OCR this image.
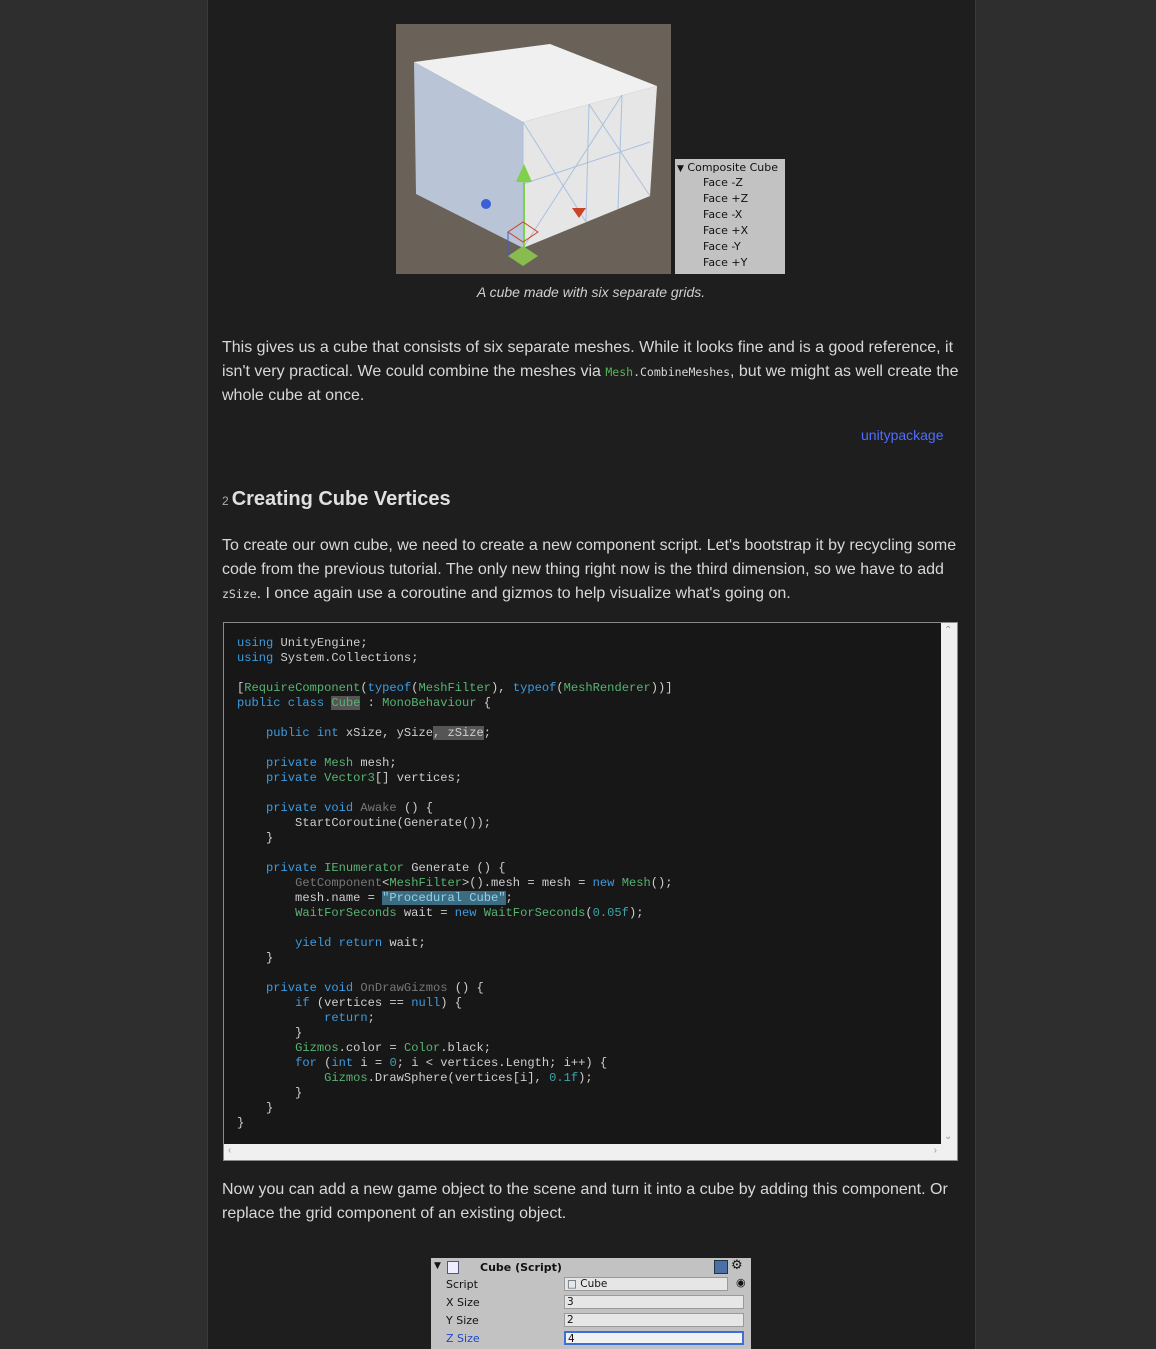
▼ Composite Cube
Face -Z
Face +Z
Face -X
Face +X
Face -Y
Face +Y
A cube made with six separate grids.
This gives us a cube that consists of six separate meshes. While it looks fine and is a good reference, it isn't very practical. We could combine the meshes via Mesh.CombineMeshes, but we might as well create the whole cube at once.
unitypackage
2 Creating Cube Vertices
To create our own cube, we need to create a new component script. Let's bootstrap it by recycling some code from the previous tutorial. The only new thing right now is the third dimension, so we have to add zSize. I once again use a coroutine and gizmos to help visualize what's going on.
using UnityEngine;
using System.Collections;

[RequireComponent(typeof(MeshFilter), typeof(MeshRenderer))]
public class Cube : MonoBehaviour {

public int xSize, ySize, zSize;

private Mesh mesh;
private Vector3[] vertices;

private void Awake () {
StartCoroutine(Generate());
}

private IEnumerator Generate () {
GetComponent<MeshFilter>().mesh = mesh = new Mesh();
mesh.name = "Procedural Cube";
WaitForSeconds wait = new WaitForSeconds(0.05f);

yield return wait;
}

private void OnDrawGizmos () {
if (vertices == null) {
return;
}
Gizmos.color = Color.black;
for (int i = 0; i < vertices.Length; i++) {
Gizmos.DrawSphere(vertices[i], 0.1f);
}
}
}
⌃
⌄
‹	›
Now you can add a new game object to the scene and turn it into a cube by adding this component. Or replace the grid component of an existing object.
▼	Cube (Script)	⚙
Script	□ Cube	◉
X Size	3
Y Size	2
Z Size	4
